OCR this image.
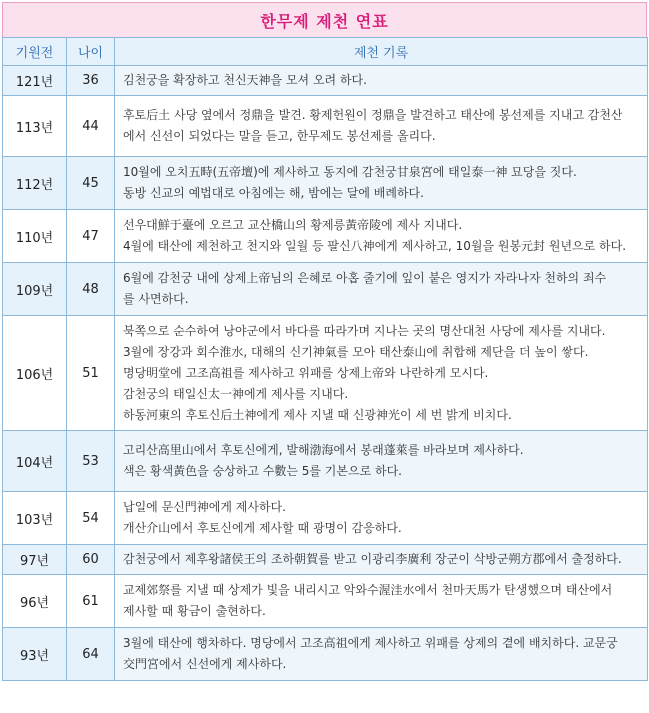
한무제 제천 연표
기원전	나이	제천 기록
121년	36	김천궁을 확장하고 천신天神을 모셔 오려 하다.

113년	44	후토后土 사당 옆에서 정鼎을 발견. 황제헌원이 정鼎을 발견하고 태산에 봉선제를 지내고 감천산
에서 신선이 되었다는 말을 듣고, 한무제도 봉선제를 올리다.

112년	45	10월에 오치五畤(五帝壇)에 제사하고 동지에 감천궁甘泉宮에 태일泰一神 묘당을 짓다.
동방 신교의 예법대로 아침에는 해, 밤에는 달에 배례하다.

110년	47	선우대鮮于臺에 오르고 교산橋山의 황제릉黃帝陵에 제사 지내다.
4월에 태산에 제천하고 천지와 일월 등 팔신八神에게 제사하고, 10월을 원봉元封 원년으로 하다.

109년	48	6월에 감천궁 내에 상제上帝님의 은혜로 아홉 줄기에 잎이 붙은 영지가 자라나자 천하의 죄수
를 사면하다.

106년	51	북쪽으로 순수하여 낭야군에서 바다를 따라가며 지나는 곳의 명산대천 사당에 제사를 지내다.
3월에 장강과 회수淮水, 대해의 신기神氣를 모아 태산泰山에 취합해 제단을 더 높이 쌓다.
명당明堂에 고조高祖를 제사하고 위패를 상제上帝와 나란하게 모시다.
감천궁의 태일신太一神에게 제사를 지내다.
하동河東의 후토신后土神에게 제사 지낼 때 신광神光이 세 번 밝게 비치다.

104년	53	고리산高里山에서 후토신에게, 발해渤海에서 봉래蓬萊를 바라보며 제사하다.
색은 황색黃色을 숭상하고 수數는 5를 기본으로 하다.

103년	54	납일에 문신門神에게 제사하다.
개산介山에서 후토신에게 제사할 때 광명이 감응하다.

97년	60	감천궁에서 제후왕諸侯王의 조하朝賀를 받고 이광리李廣利 장군이 삭방군朔方郡에서 출정하다.

96년	61	교제郊祭를 지낼 때 상제가 빛을 내리시고 악와수渥洼水에서 천마天馬가 탄생했으며 태산에서
제사할 때 황금이 출현하다.

93년	64	3월에 태산에 행차하다. 명당에서 고조高祖에게 제사하고 위패를 상제의 곁에 배치하다. 교문궁
交門宮에서 신선에게 제사하다.
